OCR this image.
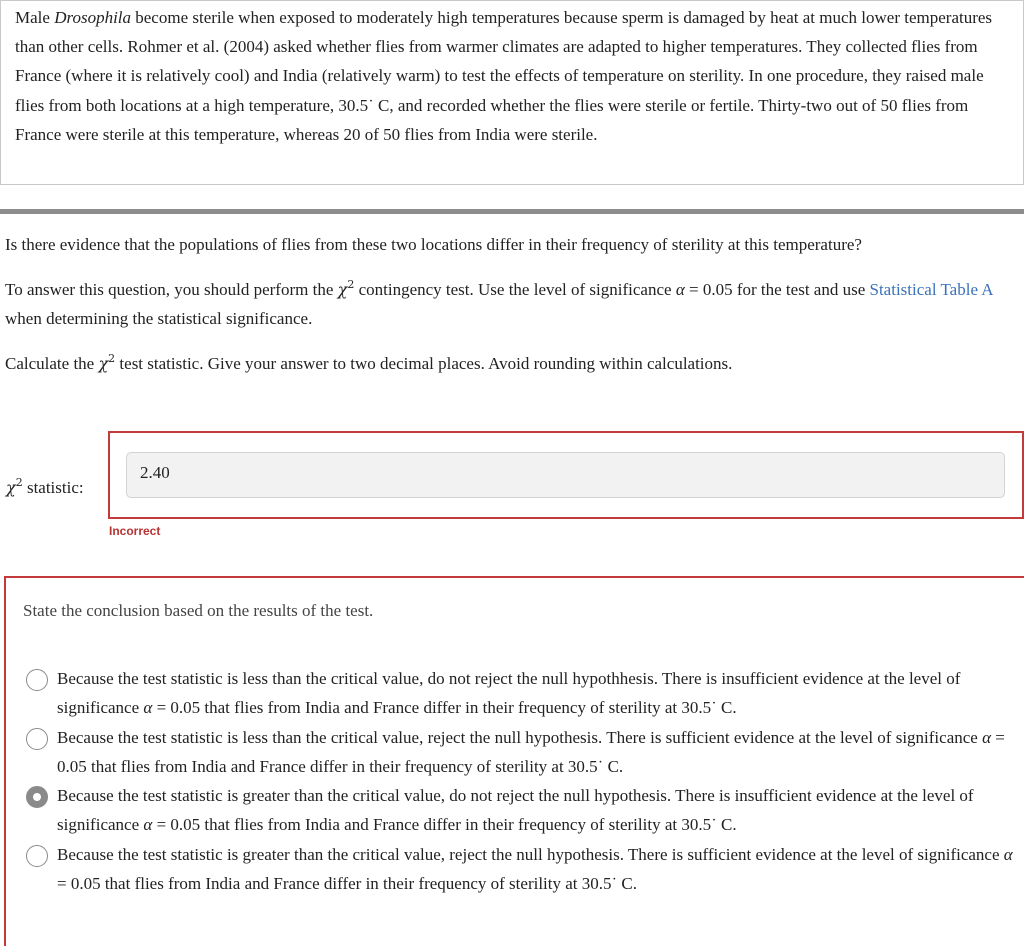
Male Drosophila become sterile when exposed to moderately high temperatures because sperm is damaged by heat at much lower temperatures than other cells. Rohmer et al. (2004) asked whether flies from warmer climates are adapted to higher temperatures. They collected flies from France (where it is relatively cool) and India (relatively warm) to test the effects of temperature on sterility. In one procedure, they raised male flies from both locations at a high temperature, 30.5˙ C, and recorded whether the flies were sterile or fertile. Thirty-two out of 50 flies from France were sterile at this temperature, whereas 20 of 50 flies from India were sterile.

Is there evidence that the populations of flies from these two locations differ in their frequency of sterility at this temperature?
To answer this question, you should perform the $\chi^2$ contingency test. Use the level of significance α = 0.05 for the test and use Statistical Table A when determining the statistical significance.
Calculate the $\chi^2$ test statistic. Give your answer to two decimal places. Avoid rounding within calculations.
$\chi^2$ statistic:
2.40
Incorrect
State the conclusion based on the results of the test.
Because the test statistic is less than the critical value, do not reject the null hypothhesis. There is insufficient evidence at the level of significance α = 0.05 that flies from India and France differ in their frequency of sterility at 30.5˙ C.
Because the test statistic is less than the critical value, reject the null hypothesis. There is sufficient evidence at the level of significance α = 0.05 that flies from India and France differ in their frequency of sterility at 30.5˙ C.
Because the test statistic is greater than the critical value, do not reject the null hypothesis. There is insufficient evidence at the level of significance α = 0.05 that flies from India and France differ in their frequency of sterility at 30.5˙ C.
Because the test statistic is greater than the critical value, reject the null hypothesis. There is sufficient evidence at the level of significance α = 0.05 that flies from India and France differ in their frequency of sterility at 30.5˙ C.
